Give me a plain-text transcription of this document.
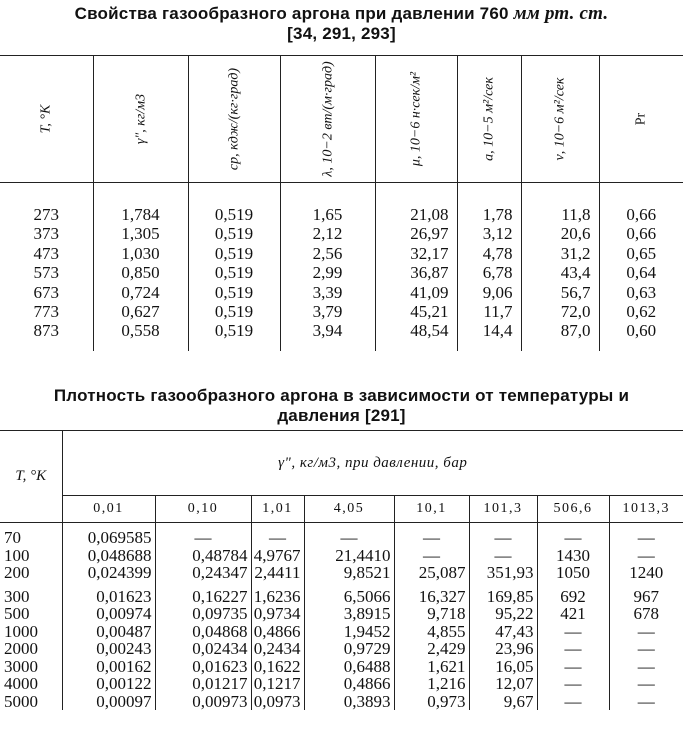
Свойства газообразного аргона при давлении 760 мм рт. ст.
[34, 291, 293]
T, °K	γ", кг/м3	cp, кдж/(кг·град)	λ, 10−2 вт/(м·град)	μ, 10−6 н·сек/м²	a, 10−5 м²/сек	ν, 10−6 м²/сек	Pr

273	1,784	0,519	1,65	21,08	1,78	11,8	0,66
373	1,305	0,519	2,12	26,97	3,12	20,6	0,66
473	1,030	0,519	2,56	32,17	4,78	31,2	0,65
573	0,850	0,519	2,99	36,87	6,78	43,4	0,64
673	0,724	0,519	3,39	41,09	9,06	56,7	0,63
773	0,627	0,519	3,79	45,21	11,7	72,0	0,62
873	0,558	0,519	3,94	48,54	14,4	87,0	0,60
Плотность газообразного аргона в зависимости от температуры и
давления [291]
T, °K	γ", кг/м3, при давлении, бар							
	0,01	0,10	1,01	4,05	10,1	101,3	506,6	1013,3
70	0,069585	—	—	—	—	—	—	—
100	0,048688	0,48784	4,9767	21,4410	—	—	1430	—
200	0,024399	0,24347	2,4411	9,8521	25,087	351,93	1050	1240
300	0,01623	0,16227	1,6236	6,5066	16,327	169,85	692	967
500	0,00974	0,09735	0,9734	3,8915	9,718	95,22	421	678
1000	0,00487	0,04868	0,4866	1,9452	4,855	47,43	—	—
2000	0,00243	0,02434	0,2434	0,9729	2,429	23,96	—	—
3000	0,00162	0,01623	0,1622	0,6488	1,621	16,05	—	—
4000	0,00122	0,01217	0,1217	0,4866	1,216	12,07	—	—
5000	0,00097	0,00973	0,0973	0,3893	0,973	9,67	—	—
